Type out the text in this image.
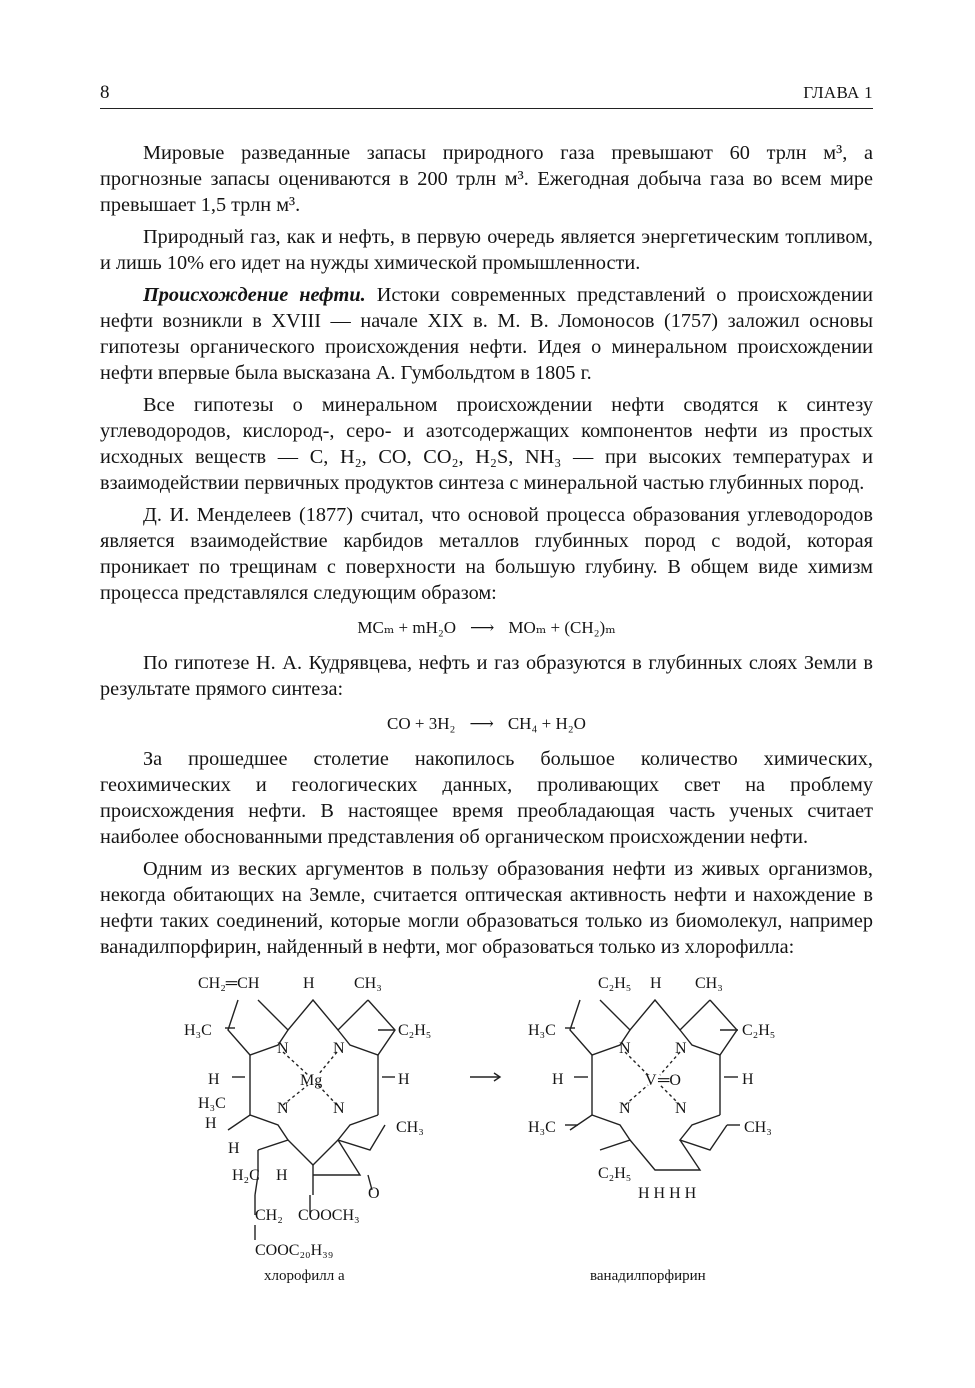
8	ГЛАВА 1

Мировые разведанные запасы природного газа превышают 60 трлн м³, а прогнозные запасы оцениваются в 200 трлн м³. Ежегодная добыча газа во всем мире превышает 1,5 трлн м³.

Природный газ, как и нефть, в первую очередь является энергетическим топливом, и лишь 10% его идет на нужды химической промышленности.

Происхождение нефти. Истоки современных представлений о происхождении нефти возникли в XVIII — начале XIX в. М. В. Ломоносов (1757) заложил основы гипотезы органического происхождения нефти. Идея о минеральном происхождении нефти впервые была высказана А. Гумбольдтом в 1805 г.

Все гипотезы о минеральном происхождении нефти сводятся к синтезу углеводородов, кислород-, серо- и азотсодержащих компонентов нефти из простых исходных веществ — C, H₂, CO, CO₂, H₂S, NH₃ — при высоких температурах и взаимодействии первичных продуктов синтеза с минеральной частью глубинных пород.

Д. И. Менделеев (1877) считал, что основой процесса образования углеводородов является взаимодействие карбидов металлов глубинных пород с водой, которая проникает по трещинам с поверхности на большую глубину. В общем виде химизм процесса представлялся следующим образом:

MCₘ + mH₂O ⟶ MOₘ + (CH₂)ₘ

По гипотезе Н. А. Кудрявцева, нефть и газ образуются в глубинных слоях Земли в результате прямого синтеза:

CO + 3H₂ ⟶ CH₄ + H₂O

За прошедшее столетие накопилось большое количество химических, геохимических и геологических данных, проливающих свет на проблему происхождения нефти. В настоящее время преобладающая часть ученых считает наиболее обоснованными представления об органическом происхождении нефти.

Одним из веских аргументов в пользу образования нефти из живых организмов, некогда обитающих на Земле, считается оптическая активность нефти и нахождение в нефти таких соединений, которые могли образоваться только из биомолекул, например ванадилпорфирин, найденный в нефти, мог образоваться только из хлорофилла:

CH₂═CH	H CH₃
H₃C	C₂H₅
N	N
Mg
H	H
N	N
H₃C
H	CH₃
H
H₂C H
O
CH₂ COOCH₃
COOC₂₀H₃₉
C₂H₅ H CH₃
H₃C	C₂H₅
N	N
V ═O
H	H
N	N
H₃C	CH₃
C₂H₅
H H H H
хлорофилл a	ванадилпорфирин
